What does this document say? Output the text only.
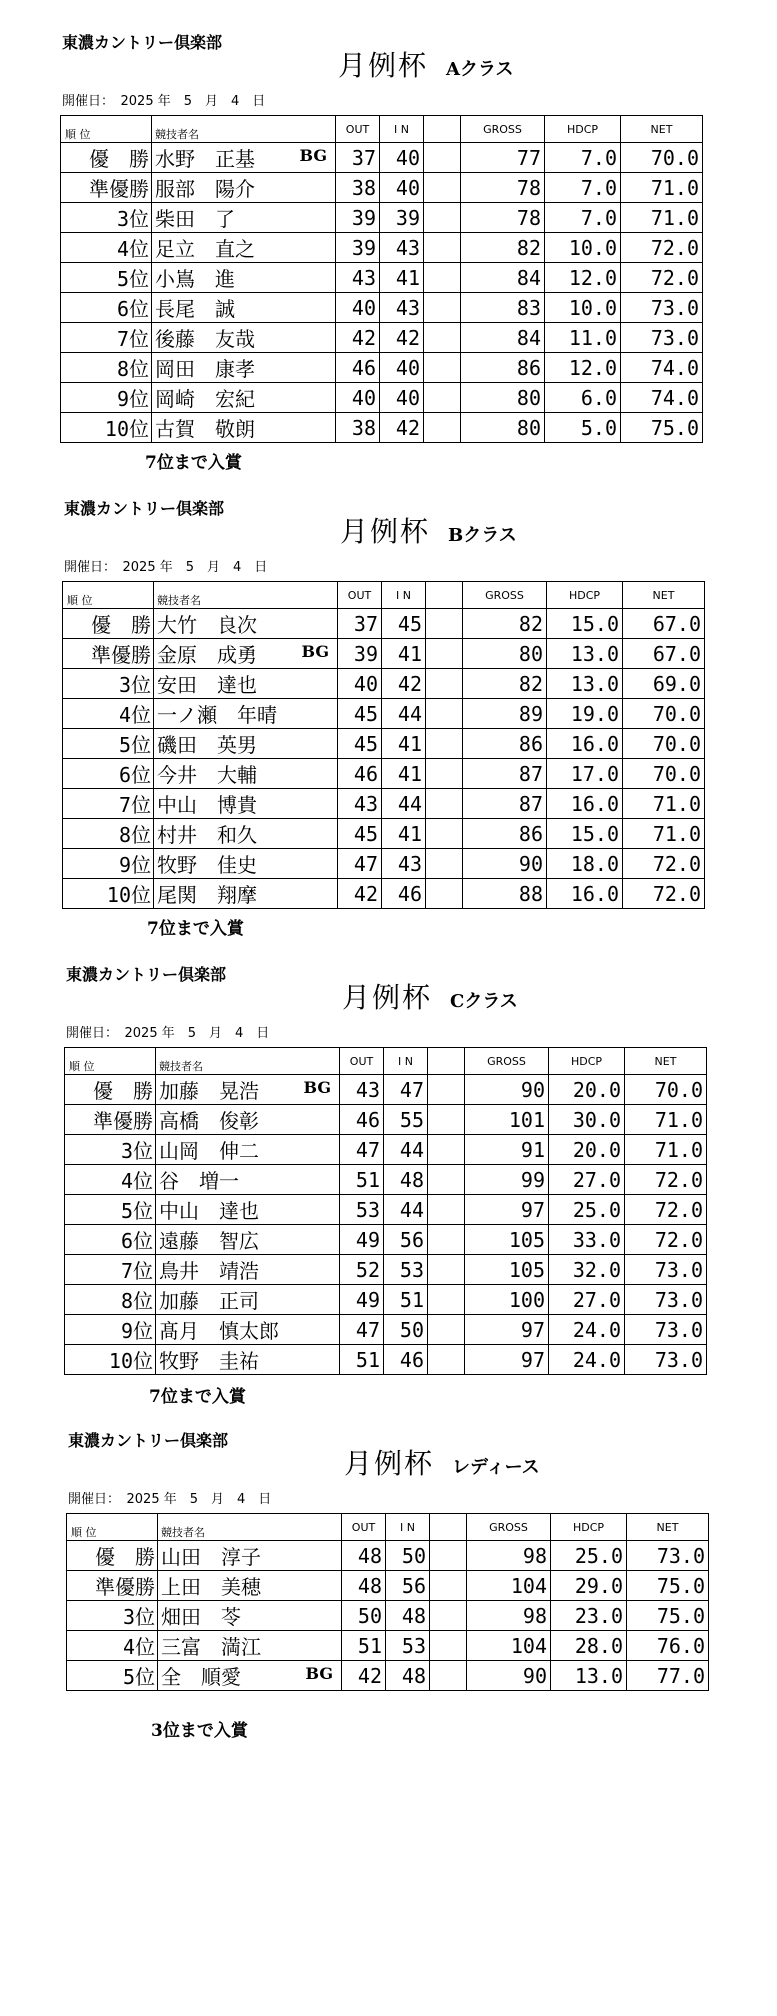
東濃カントリー倶楽部
月例杯 Aクラス
開催日：　2025 年　5　月　4　日
順 位	競技者名	OUT	I N		GROSS	HDCP	NET
優　勝	水野　正基 BG	37	40		77	7.0	70.0
準優勝	服部　陽介	38	40		78	7.0	71.0
3位	柴田　了	39	39		78	7.0	71.0
4位	足立　直之	39	43		82	10.0	72.0
5位	小嶌　進	43	41		84	12.0	72.0
6位	長尾　誠	40	43		83	10.0	73.0
7位	後藤　友哉	42	42		84	11.0	73.0
8位	岡田　康孝	46	40		86	12.0	74.0
9位	岡崎　宏紀	40	40		80	6.0	74.0
10位	古賀　敬朗	38	42		80	5.0	75.0
7位まで入賞
東濃カントリー倶楽部
月例杯 Bクラス
開催日：　2025 年　5　月　4　日
順 位	競技者名	OUT	I N		GROSS	HDCP	NET
優　勝	大竹　良次	37	45		82	15.0	67.0
準優勝	金原　成勇 BG	39	41		80	13.0	67.0
3位	安田　達也	40	42		82	13.0	69.0
4位	一ノ瀬　年晴	45	44		89	19.0	70.0
5位	磯田　英男	45	41		86	16.0	70.0
6位	今井　大輔	46	41		87	17.0	70.0
7位	中山　博貴	43	44		87	16.0	71.0
8位	村井　和久	45	41		86	15.0	71.0
9位	牧野　佳史	47	43		90	18.0	72.0
10位	尾関　翔摩	42	46		88	16.0	72.0
7位まで入賞
東濃カントリー倶楽部
月例杯 Cクラス
開催日：　2025 年　5　月　4　日
順 位	競技者名	OUT	I N		GROSS	HDCP	NET
優　勝	加藤　晃浩 BG	43	47		90	20.0	70.0
準優勝	高橋　俊彰	46	55		101	30.0	71.0
3位	山岡　伸二	47	44		91	20.0	71.0
4位	谷　増一	51	48		99	27.0	72.0
5位	中山　達也	53	44		97	25.0	72.0
6位	遠藤　智広	49	56		105	33.0	72.0
7位	鳥井　靖浩	52	53		105	32.0	73.0
8位	加藤　正司	49	51		100	27.0	73.0
9位	髙月　慎太郎	47	50		97	24.0	73.0
10位	牧野　圭祐	51	46		97	24.0	73.0
7位まで入賞
東濃カントリー倶楽部
月例杯 レディース
開催日：　2025 年　5　月　4　日
順 位	競技者名	OUT	I N		GROSS	HDCP	NET
優　勝	山田　淳子	48	50		98	25.0	73.0
準優勝	上田　美穂	48	56		104	29.0	75.0
3位	畑田　苓	50	48		98	23.0	75.0
4位	三富　満江	51	53		104	28.0	76.0
5位	全　順愛 BG	42	48		90	13.0	77.0
3位まで入賞
